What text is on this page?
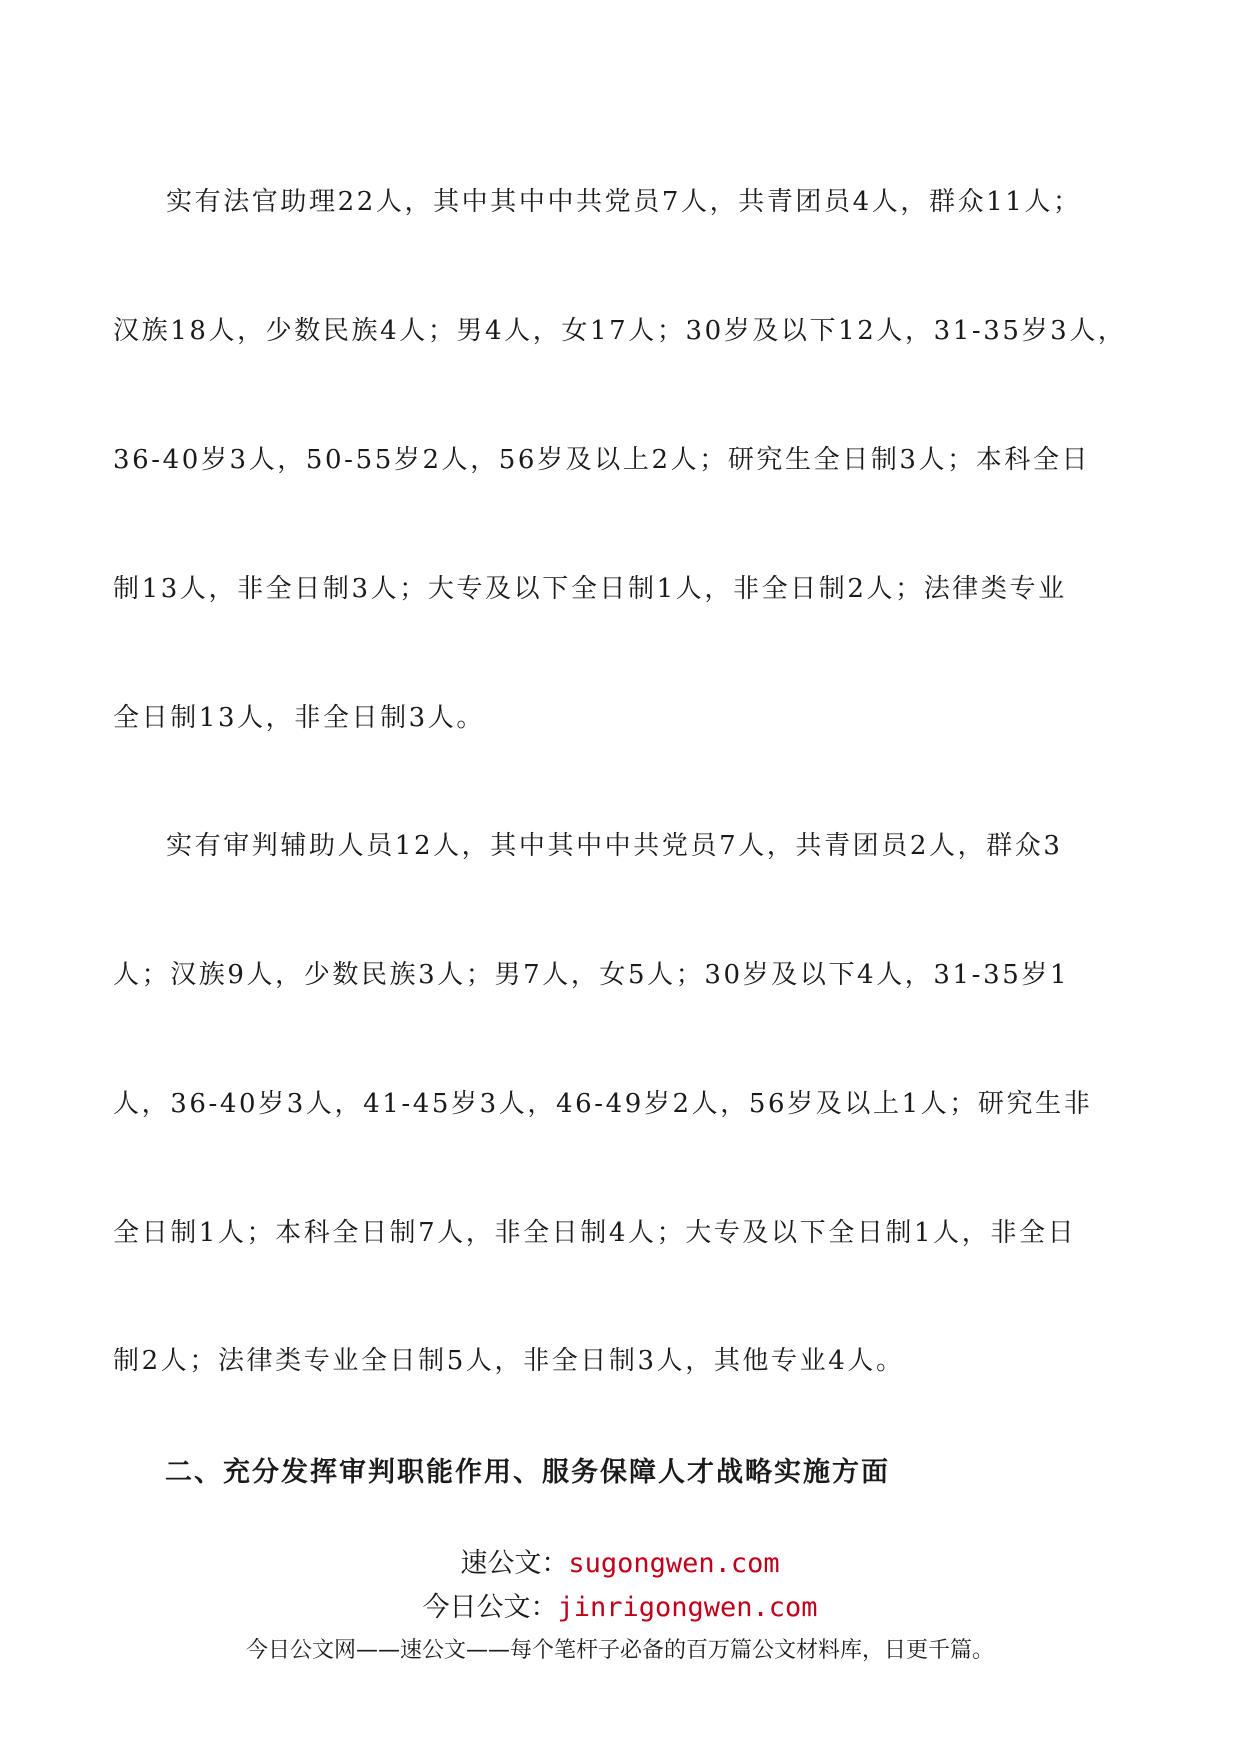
实有法官助理22人，其中其中中共党员7人，共青团员4人，群众11人；
汉族18人，少数民族4人；男4人，女17人；30岁及以下12人，31-35岁3人，
36-40岁3人，50-55岁2人，56岁及以上2人；研究生全日制3人；本科全日
制13人，非全日制3人；大专及以下全日制1人，非全日制2人；法律类专业
全日制13人，非全日制3人。
实有审判辅助人员12人，其中其中中共党员7人，共青团员2人，群众3
人；汉族9人，少数民族3人；男7人，女5人；30岁及以下4人，31-35岁1
人，36-40岁3人，41-45岁3人，46-49岁2人，56岁及以上1人；研究生非
全日制1人；本科全日制7人，非全日制4人；大专及以下全日制1人，非全日
制2人；法律类专业全日制5人，非全日制3人，其他专业4人。
二、充分发挥审判职能作用、服务保障人才战略实施方面
速公文：sugongwen.com
今日公文：jinrigongwen.com
今日公文网——速公文——每个笔杆子必备的百万篇公文材料库，日更千篇。
